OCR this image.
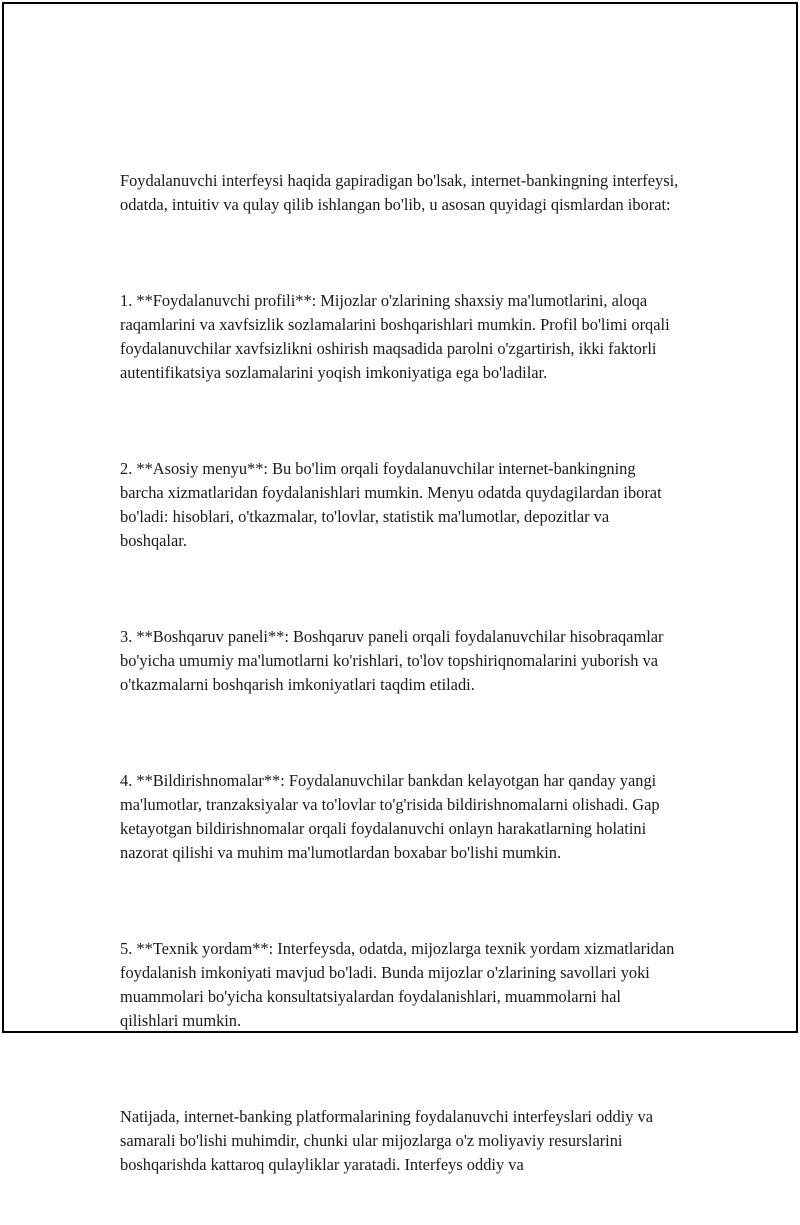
Foydalanuvchi interfeysi haqida gapiradigan bo'lsak, internet-bankingning interfeysi, odatda, intuitiv va qulay qilib ishlangan bo'lib, u asosan quyidagi qismlardan iborat:

1. **Foydalanuvchi profili**: Mijozlar o'zlarining shaxsiy ma'lumotlarini, aloqa raqamlarini va xavfsizlik sozlamalarini boshqarishlari mumkin. Profil bo'limi orqali foydalanuvchilar xavfsizlikni oshirish maqsadida parolni o'zgartirish, ikki faktorli autentifikatsiya sozlamalarini yoqish imkoniyatiga ega bo'ladilar.

2. **Asosiy menyu**: Bu bo'lim orqali foydalanuvchilar internet-bankingning barcha xizmatlaridan foydalanishlari mumkin. Menyu odatda quydagilardan iborat bo'ladi: hisoblari, o'tkazmalar, to'lovlar, statistik ma'lumotlar, depozitlar va boshqalar.

3. **Boshqaruv paneli**: Boshqaruv paneli orqali foydalanuvchilar hisobraqamlar bo'yicha umumiy ma'lumotlarni ko'rishlari, to'lov topshiriqnomalarini yuborish va o'tkazmalarni boshqarish imkoniyatlari taqdim etiladi.

4. **Bildirishnomalar**: Foydalanuvchilar bankdan kelayotgan har qanday yangi ma'lumotlar, tranzaksiyalar va to'lovlar to'g'risida bildirishnomalarni olishadi. Gap ketayotgan bildirishnomalar orqali foydalanuvchi onlayn harakatlarning holatini nazorat qilishi va muhim ma'lumotlardan boxabar bo'lishi mumkin.

5. **Texnik yordam**: Interfeysda, odatda, mijozlarga texnik yordam xizmatlaridan foydalanish imkoniyati mavjud bo'ladi. Bunda mijozlar o'zlarining savollari yoki muammolari bo'yicha konsultatsiyalardan foydalanishlari, muammolarni hal qilishlari mumkin.

Natijada, internet-banking platformalarining foydalanuvchi interfeyslari oddiy va samarali bo'lishi muhimdir, chunki ular mijozlarga o'z moliyaviy resurslarini boshqarishda kattaroq qulayliklar yaratadi. Interfeys oddiy va
